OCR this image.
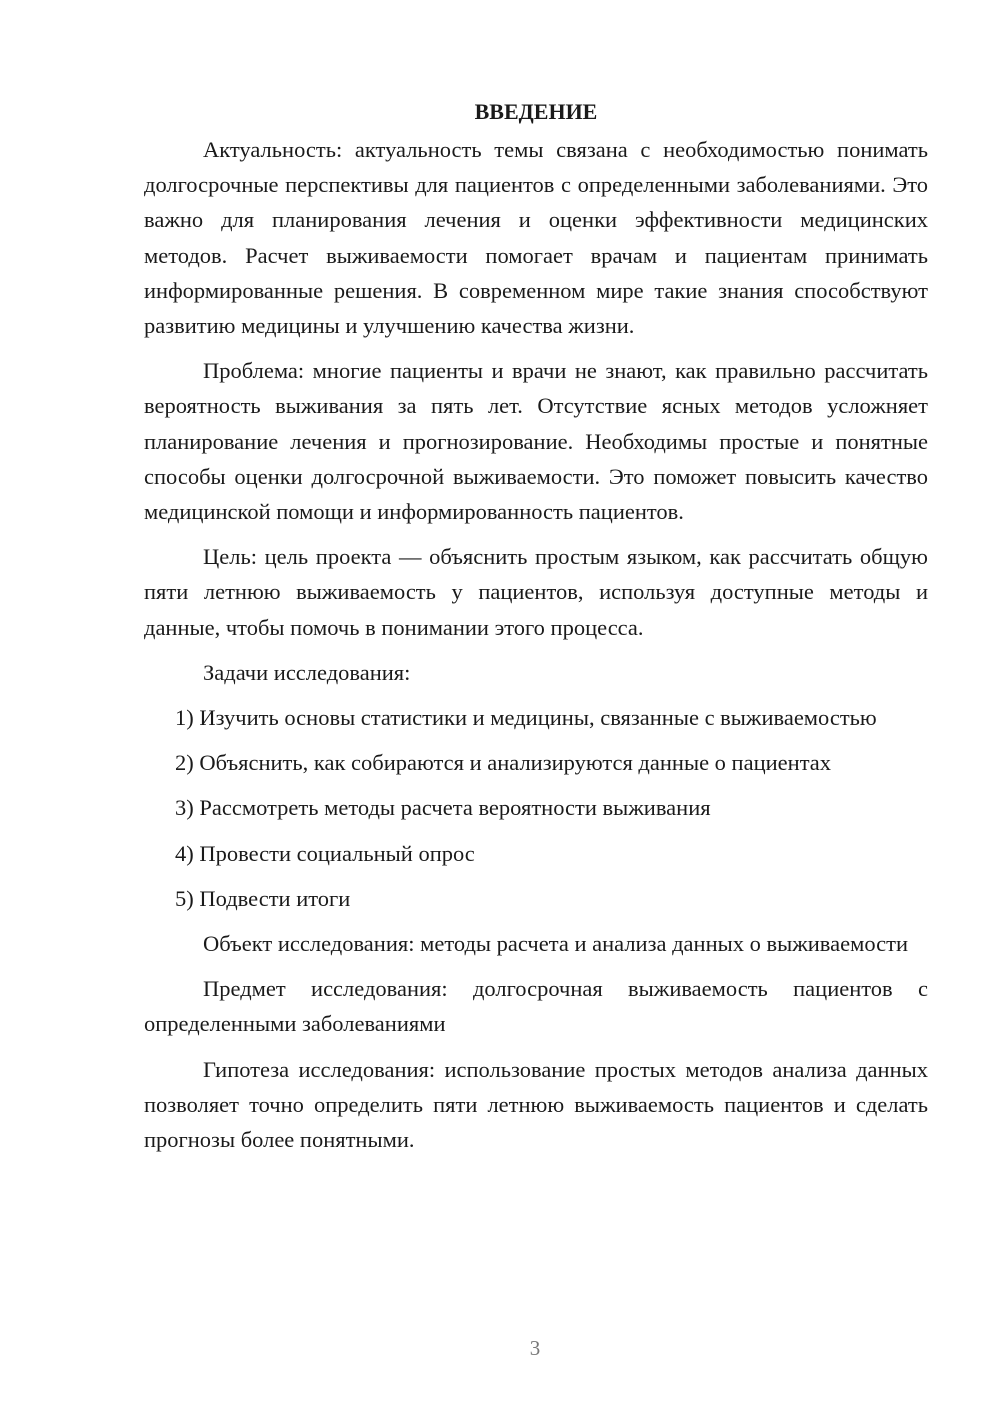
ВВЕДЕНИЕ

Актуальность: актуальность темы связана с необходимостью понимать долгосрочные перспективы для пациентов с определенными заболеваниями. Это важно для планирования лечения и оценки эффективности медицинских методов. Расчет выживаемости помогает врачам и пациентам принимать информированные решения. В современном мире такие знания способствуют развитию медицины и улучшению качества жизни.

Проблема: многие пациенты и врачи не знают, как правильно рассчитать вероятность выживания за пять лет. Отсутствие ясных методов усложняет планирование лечения и прогнозирование. Необходимы простые и понятные способы оценки долгосрочной выживаемости. Это поможет повысить качество медицинской помощи и информированность пациентов.

Цель: цель проекта — объяснить простым языком, как рассчитать общую пяти летнюю выживаемость у пациентов, используя доступные методы и данные, чтобы помочь в понимании этого процесса.

Задачи исследования:

1) Изучить основы статистики и медицины, связанные с выживаемостью

2) Объяснить, как собираются и анализируются данные о пациентах

3) Рассмотреть методы расчета вероятности выживания

4) Провести социальный опрос

5) Подвести итоги

Объект исследования: методы расчета и анализа данных о выживаемости

Предмет исследования: долгосрочная выживаемость пациентов с определенными заболеваниями

Гипотеза исследования: использование простых методов анализа данных позволяет точно определить пяти летнюю выживаемость пациентов и сделать прогнозы более понятными.

3
